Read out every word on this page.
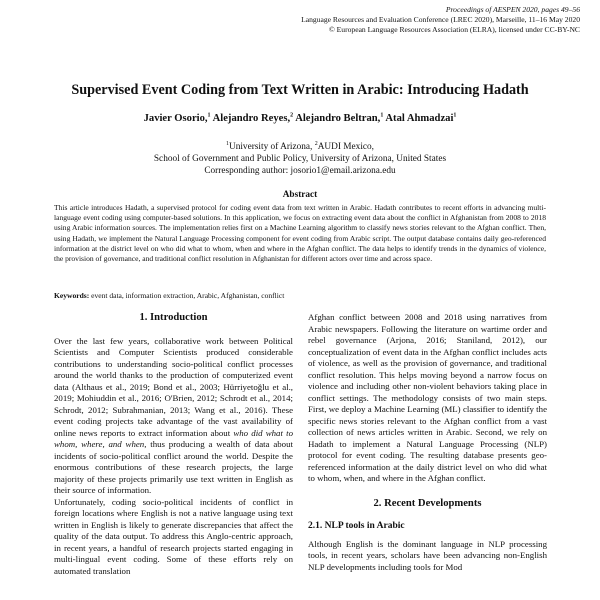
Proceedings of AESPEN 2020, pages 49–56
Language Resources and Evaluation Conference (LREC 2020), Marseille, 11–16 May 2020
© European Language Resources Association (ELRA), licensed under CC-BY-NC
Supervised Event Coding from Text Written in Arabic: Introducing Hadath
Javier Osorio,$^1$ Alejandro Reyes,$^2$ Alejandro Beltran,$^1$ Atal Ahmadzai$^1$
$^1$University of Arizona, $^2$AUDI Mexico,
School of Government and Public Policy, University of Arizona, United States
Corresponding author: josorio1@email.arizona.edu
Abstract
This article introduces Hadath, a supervised protocol for coding event data from text written in Arabic. Hadath contributes to recent efforts in advancing multi-language event coding using computer-based solutions. In this application, we focus on extracting event data about the conflict in Afghanistan from 2008 to 2018 using Arabic information sources. The implementation relies first on a Machine Learning algorithm to classify news stories relevant to the Afghan conflict. Then, using Hadath, we implement the Natural Language Processing component for event coding from Arabic script. The output database contains daily geo-referenced information at the district level on who did what to whom, when and where in the Afghan conflict. The data helps to identify trends in the dynamics of violence, the provision of governance, and traditional conflict resolution in Afghanistan for different actors over time and across space.
Keywords: event data, information extraction, Arabic, Afghanistan, conflict
1. Introduction

Over the last few years, collaborative work between Political Scientists and Computer Scientists produced considerable contributions to understanding socio-political conflict processes around the world thanks to the production of computerized event data (Althaus et al., 2019; Bond et al., 2003; Hürriyetoğlu et al., 2019; Mohiuddin et al., 2016; O'Brien, 2012; Schrodt et al., 2014; Schrodt, 2012; Subrahmanian, 2013; Wang et al., 2016). These event coding projects take advantage of the vast availability of online news reports to extract information about who did what to whom, where, and when, thus producing a wealth of data about incidents of socio-political conflict around the world. Despite the enormous contributions of these research projects, the large majority of these projects primarily use text written in English as their source of information.

Unfortunately, coding socio-political incidents of conflict in foreign locations where English is not a native language using text written in English is likely to generate discrepancies that affect the quality of the data output. To address this Anglo-centric approach, in recent years, a handful of research projects started engaging in multi-lingual event coding. Some of these efforts rely on automated translation

Afghan conflict between 2008 and 2018 using narratives from Arabic newspapers. Following the literature on wartime order and rebel governance (Arjona, 2016; Staniland, 2012), our conceptualization of event data in the Afghan conflict includes acts of violence, as well as the provision of governance, and traditional conflict resolution. This helps moving beyond a narrow focus on violence and including other non-violent behaviors taking place in conflict settings. The methodology consists of two main steps. First, we deploy a Machine Learning (ML) classifier to identify the specific news stories relevant to the Afghan conflict from a vast collection of news articles written in Arabic. Second, we rely on Hadath to implement a Natural Language Processing (NLP) protocol for event coding. The resulting database presents geo-referenced information at the daily district level on who did what to whom, when, and where in the Afghan conflict.

2. Recent Developments
2.1. NLP tools in Arabic

Although English is the dominant language in NLP processing tools, in recent years, scholars have been advancing non-English NLP developments including tools for Mod
